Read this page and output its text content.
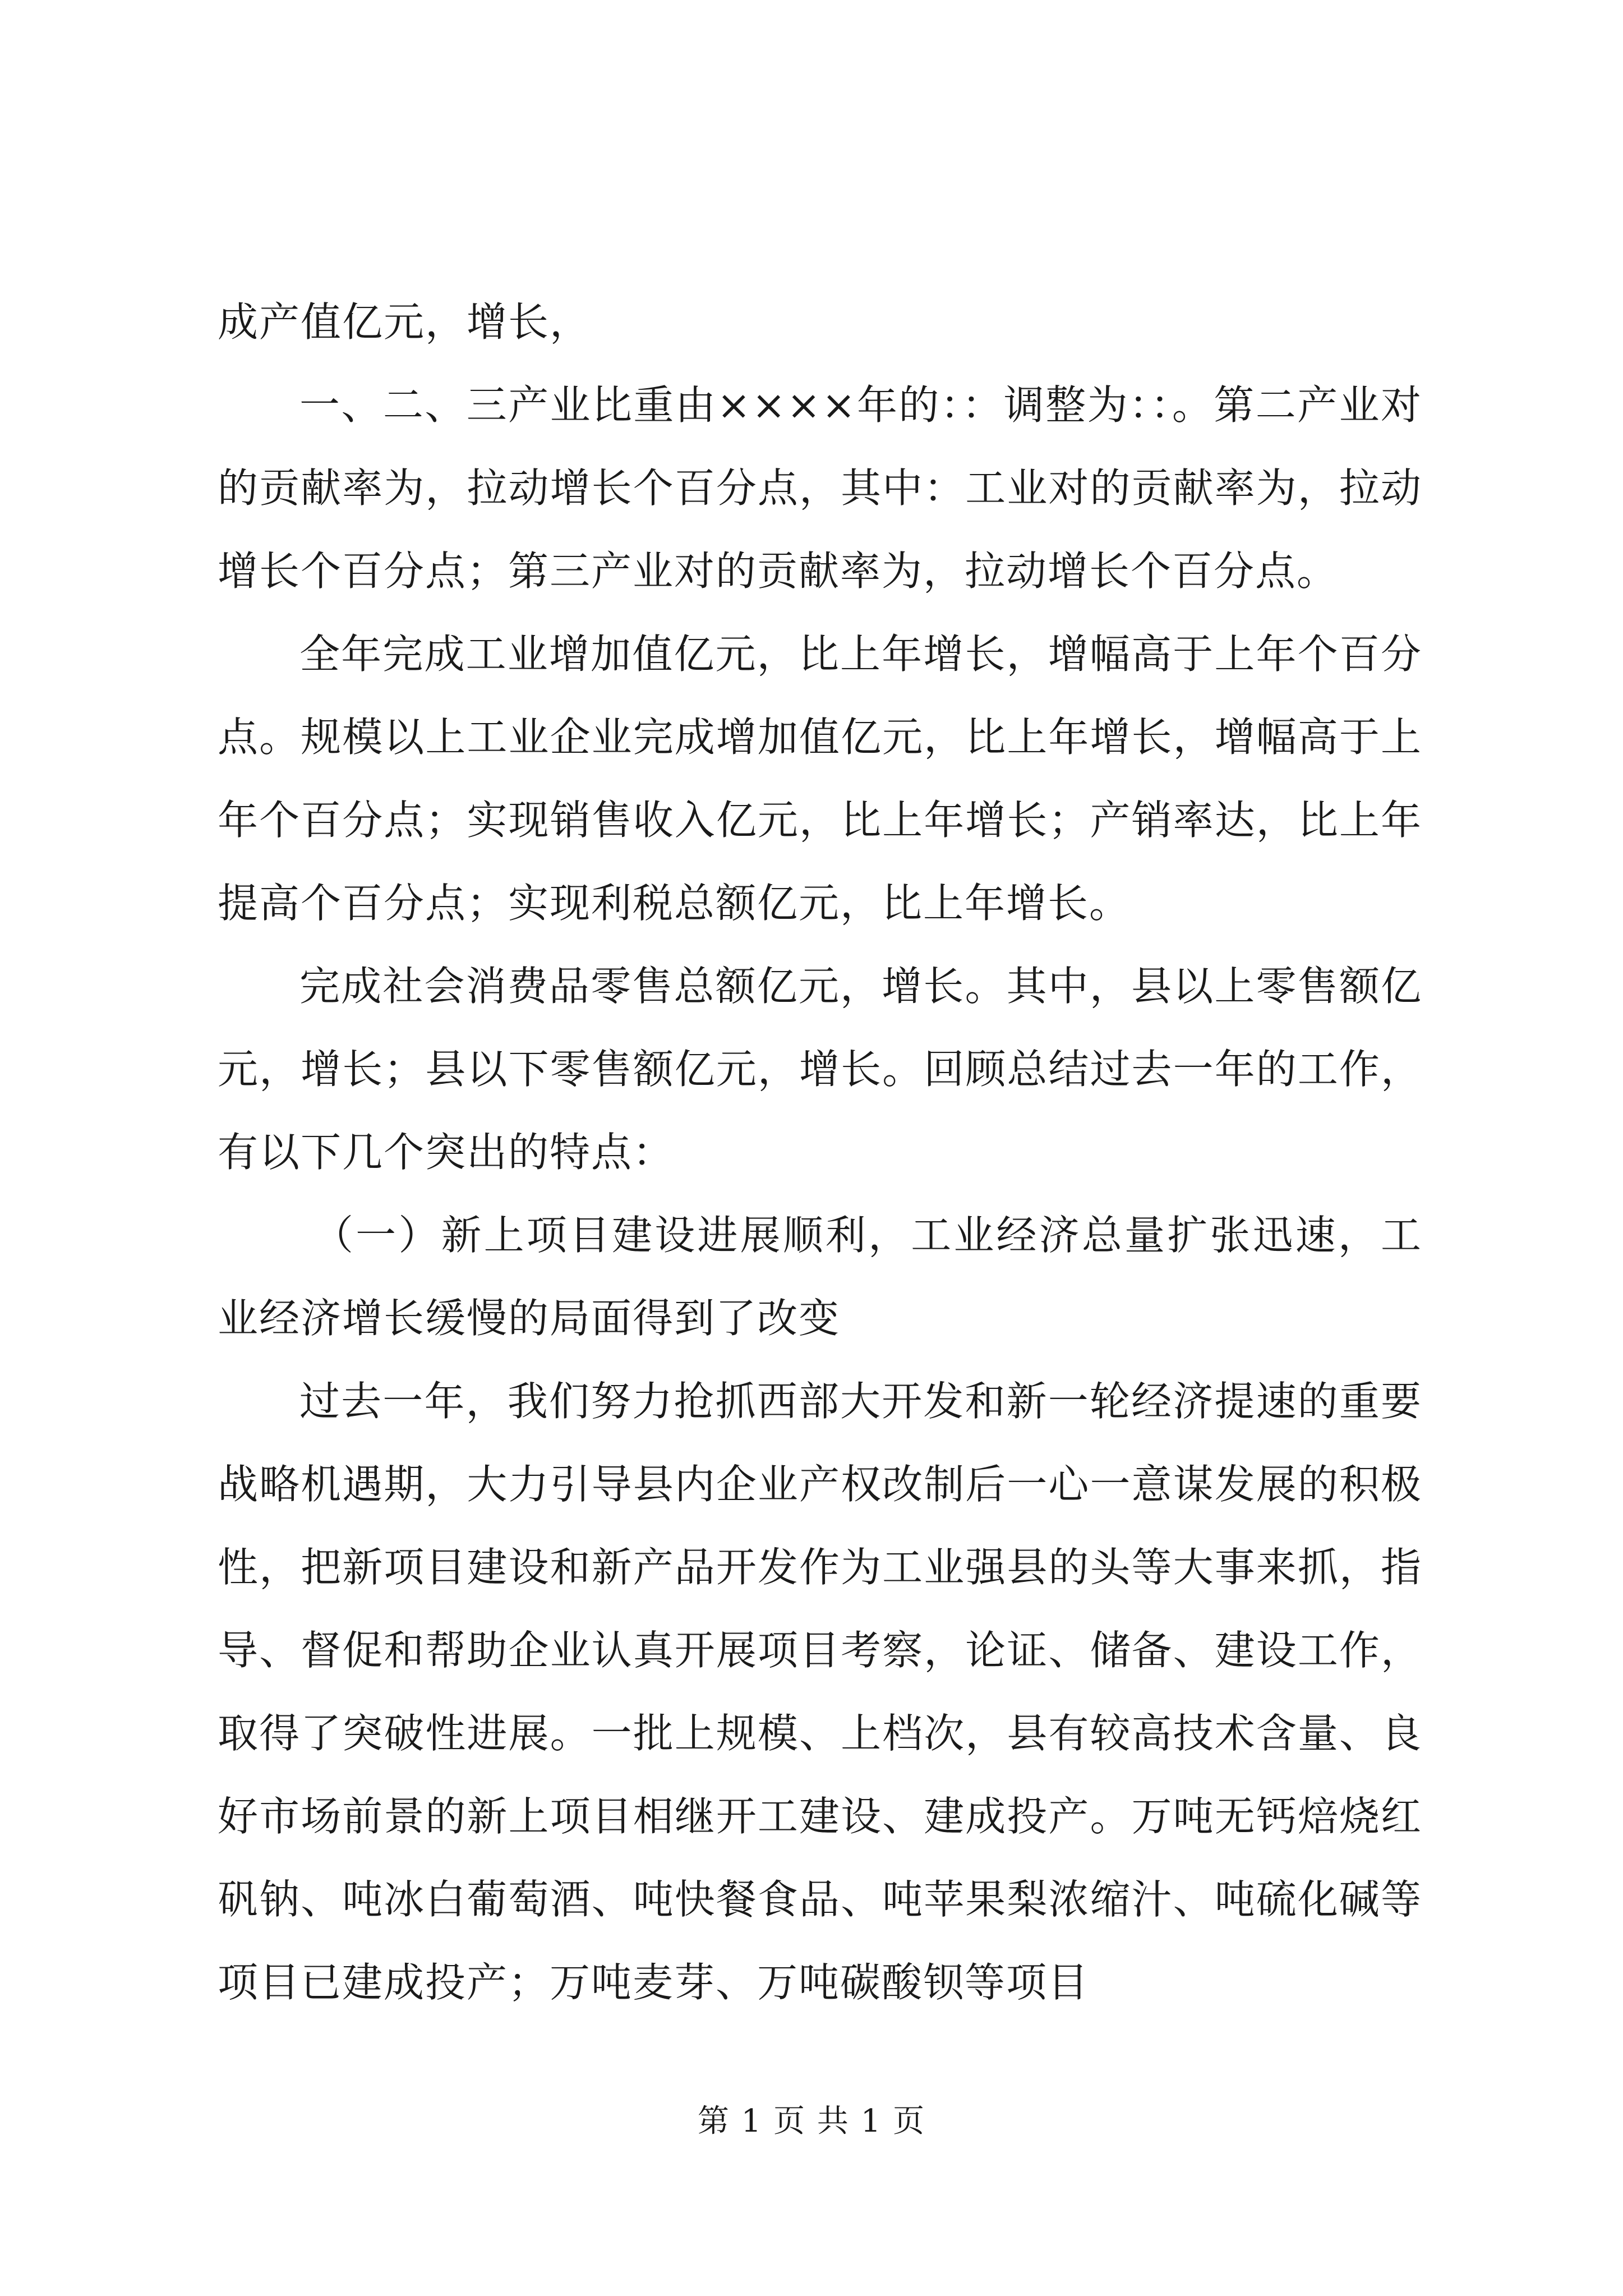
成产值亿元，增长，

一、二、三产业比重由××××年的：：调整为：：。第二产业对的贡献率为，拉动增长个百分点，其中：工业对的贡献率为，拉动增长个百分点；第三产业对的贡献率为，拉动增长个百分点。

全年完成工业增加值亿元，比上年增长，增幅高于上年个百分点。规模以上工业企业完成增加值亿元，比上年增长，增幅高于上年个百分点；实现销售收入亿元，比上年增长；产销率达，比上年提高个百分点；实现利税总额亿元，比上年增长。

完成社会消费品零售总额亿元，增长。其中，县以上零售额亿元，增长；县以下零售额亿元，增长。回顾总结过去一年的工作，有以下几个突出的特点：

（一）新上项目建设进展顺利，工业经济总量扩张迅速，工业经济增长缓慢的局面得到了改变

过去一年，我们努力抢抓西部大开发和新一轮经济提速的重要战略机遇期，大力引导县内企业产权改制后一心一意谋发展的积极性，把新项目建设和新产品开发作为工业强县的头等大事来抓，指导、督促和帮助企业认真开展项目考察，论证、储备、建设工作，取得了突破性进展。一批上规模、上档次，县有较高技术含量、良好市场前景的新上项目相继开工建设、建成投产。万吨无钙焙烧红矾钠、吨冰白葡萄酒、吨快餐食品、吨苹果梨浓缩汁、吨硫化碱等项目已建成投产；万吨麦芽、万吨碳酸钡等项目

第 1 页 共 1 页
